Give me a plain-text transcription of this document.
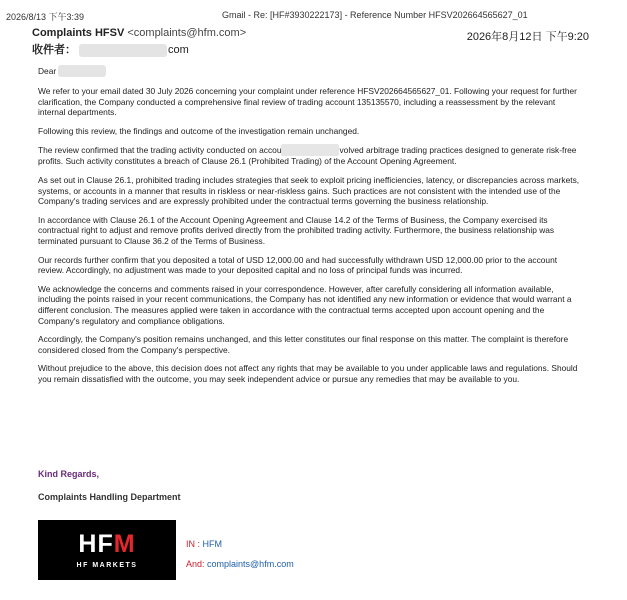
2026/8/13 下午3:39	Gmail - Re: [HF#3930222173] - Reference Number HFSV202664565627_01
Complaints HFSV <complaints@hfm.com>	2026年8月12日 下午9:20
收件者：	com

Dear

We refer to your email dated 30 July 2026 concerning your complaint under reference HFSV202664565627_01. Following your request for further clarification, the Company conducted a comprehensive final review of trading account 135135570, including a reassessment by the relevant internal departments.

Following this review, the findings and outcome of the investigation remain unchanged.

The review confirmed that the trading activity conducted on accou	volved arbitrage trading practices designed to generate risk-free profits. Such activity constitutes a breach of Clause 26.1 (Prohibited Trading) of the Account Opening Agreement.

As set out in Clause 26.1, prohibited trading includes strategies that seek to exploit pricing inefficiencies, latency, or discrepancies across markets, systems, or accounts in a manner that results in riskless or near-riskless gains. Such practices are not consistent with the intended use of the Company's trading services and are expressly prohibited under the contractual terms governing the business relationship.

In accordance with Clause 26.1 of the Account Opening Agreement and Clause 14.2 of the Terms of Business, the Company exercised its contractual right to adjust and remove profits derived directly from the prohibited trading activity. Furthermore, the business relationship was terminated pursuant to Clause 36.2 of the Terms of Business.

Our records further confirm that you deposited a total of USD 12,000.00 and had successfully withdrawn USD 12,000.00 prior to the account review. Accordingly, no adjustment was made to your deposited capital and no loss of principal funds was incurred.

We acknowledge the concerns and comments raised in your correspondence. However, after carefully considering all information available, including the points raised in your recent communications, the Company has not identified any new information or evidence that would warrant a different conclusion. The measures applied were taken in accordance with the contractual terms accepted upon account opening and the Company's regulatory and compliance obligations.

Accordingly, the Company's position remains unchanged, and this letter constitutes our final response on this matter. The complaint is therefore considered closed from the Company's perspective.

Without prejudice to the above, this decision does not affect any rights that may be available to you under applicable laws and regulations. Should you remain dissatisfied with the outcome, you may seek independent advice or pursue any remedies that may be available to you.

Kind Regards,
Complaints Handling Department
HFM
HF MARKETS
IN : HFM
And: complaints@hfm.com
